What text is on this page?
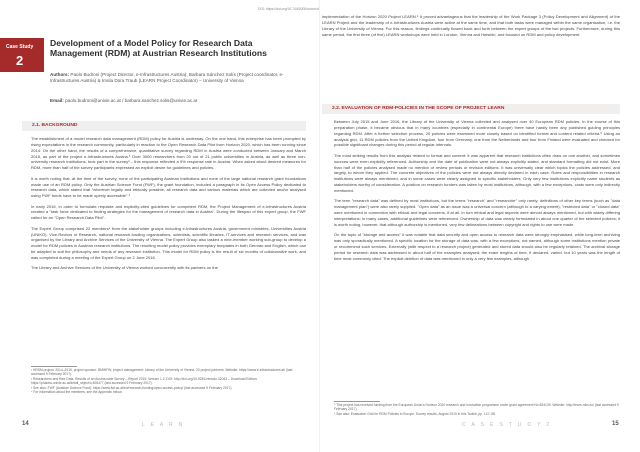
Case Study
2
Development of a Model Policy for Research Data Management (RDM) at Austrian Research Institutions
Authors: Paolo Budroni (Project Director, e-Infrastructures Austria), Barbara Sánchez Solís (Project coordinator, e-Infrastructures Austria) & Imola Dora Traub (LEARN Project Coordinator) – University of Vienna
Email: paolo.budroni@univie.ac.at / barbara.sanchez.solis@univie.ac.at
2.1. BACKGROUND

The establishment of a model research data management (RDM) policy for Austria is underway. On the one hand, this enterprise has been prompted by rising expectations in the research community, particularly in reaction to the Open Research Data Pilot from Horizon 2020, which has been running since 2014. On the other hand, the results of a comprehensive, quantitative survey regarding RDM in Austria were conducted between January and March 2015, as part of the project e-Infrastructures Austria.¹ Over 3000 researchers from 20 out of 21 public universities in Austria, as well as three non-university research institutions, took part in the survey² – this response reflected a 9% response rate in Austria. When asked about desired measures for RDM, more than half of the survey participants expressed an explicit desire for guidelines and policies.

It is worth noting that, at the time of the survey, none of the participating Austrian institutions and none of the large national research grant foundations made use of an RDM policy. Only the Austrian Science Fund (FWF), the grant foundation, included a paragraph in its Open Access Policy dedicated to research data, which stated that "wherever legally and ethically possible, all research data and various materials which are collected and/or analysed using FWF funds have to be made openly accessible".³

In early 2016, in order to formulate requisite and explicitly-cited guidelines for competent RDM, the Project Management of e-Infrastructures Austria created a "task force dedicated to finding strategies for the management of research data in Austria". During the lifespan of this expert group, the FWF called for an "Open Research Data Pilot".

The Expert Group comprised 22 members⁴ from the stakeholder groups including e-Infrastructures Austria, government ministries, Universities Austria (UNIKO), Vice-Rectors of Research, national research-funding organizations, scientists, scientific libraries, IT-services and research services, and was organised by the Library and Archive Services of the University of Vienna. The Expert Group also tasked a nine-member working sub-group to develop a model for RDM policies in Austrian research institutions. The resulting model policy provides exemplary templates in both German and English, which can be adapted to suit the philosophy and needs of any research institution. This model for RDM policy is the result of six months of collaborative work, and was completed during a meeting of the Expert Group on 2 June 2016.

The Library and Archive Services of the University of Vienna worked concurrently with its partners on the

¹ HRSM project, 2014–2019, project sponsor: BMWFW, project management: Library of the University of Vienna, 20 project partners. Website: https://www.e-infrastructures.at/ (last accessed 9 February 2017).
² Researchers and their Data. Results of an Austria-wide Survey – Report 2015. Version 1.2. DOI: http://doi.org/10.5281/zenodo.32043 – Download Edition: https://phaidra.univie.ac.at/detail_object/o:408477 (last accessed 9 February 2017).
³ See also: FWF (Austrian Science Fund): https://www.fwf.ac.at/en/research-funding/open-access-policy/ (last accessed 9 February 2017).
⁴ For information about the members, see the Appendix below.
14	L E A R N
DOI: https://doi.org/10.7440/000/unav/cd

implementation of the Horizon 2020 Project LEARN.⁵ It proved advantageous that the leadership of the Work Package 3 (Policy Development and Alignment) of the LEARN Project and the leadership of e-Infrastructures Austria were active at the same time, and that both tasks were managed within the same organisation, i.e. the Library of the University of Vienna. For this reason, findings continually flowed back and forth between the expert groups of the two projects. Furthermore, during this same period, the first three (of five) LEARN workshops were held in London, Vienna and Helsinki, and focused on RDM and policy development.

2.2. EVALUATION OF RDM-POLICIES IN THE SCOPE OF PROJECT LEARN

Between July 2015 and June 2016, the Library of the University of Vienna collected and analysed over 40 European RDM policies. In the course of this preparation phase, it became obvious that in many countries (especially in continental Europe) there have hardly been any published guiding principles regarding RDM. After a further selection process, 20 policies were examined more closely based on identified format and content related criteria.⁶ Using an analysis grid, 11 RDM policies from the United Kingdom, four from Germany, one from the Netherlands and four from Finland were evaluated and checked for possible significant changes during this period at regular intervals.

The most striking results from this analysis related to format and content: it was apparent that research institutions often draw on one another, and sometimes sources were even explicitly referenced. Authorship and the date of publication were not always explicitly stated, and standard formatting did not exist. More than half of the policies analysed made no mention of review periods or revision editions. It was universally clear which topics the policies addressed, and largely, to whom they applied. The concrete objectives of the policies were not always directly declared in each case. Roles and responsibilities in research institutions were always mentioned, and in some cases were clearly assigned to specific stakeholders. Only very few institutions explicitly name students as stakeholders worthy of consideration. A position on research funders was taken by most institutions, although, with a few exceptions, costs were only indirectly mentioned.

The term "research data" was defined by most institutions, but the terms "research" and "researcher" only rarely; definitions of other key terms (such as "data management plan") were also rarely supplied. "Open data" as an issue was a universal concern (although to a varying extent); "restricted data" or "closed data" were mentioned in connection with ethical and legal concerns, if at all. In turn ethical and legal aspects were almost always mentioned, but with widely differing interpretations; in many cases, additional guidelines were referenced. Ownership of data was clearly formulated in about one quarter of the selected policies; it is worth noting, however, that although authorship is mentioned, very few delineations between copyright and rights to use were made.

On the topic of "storage and access" it was notable that data security and open access to research data were strongly emphasised, while long-term archiving was only sporadically mentioned. A specific location for the storage of data was, with a few exceptions, not named, although some institutions mention private or recommend such services. Externally (with respect to a research project) generated and stored data should also be regularly retained. The archival storage period for research data was addressed in about half of the examples analysed; the exact lengths of time, if declared, varied, but 10 years was the length of time most commonly cited. The explicit deletion of data was mentioned in only a very few examples, although

⁵ This project has received funding from the European Union's Horizon 2020 research and innovation programme under grant agreement No 654139. Website: http://learn-rdm.eu/ (last accessed 9 February 2017).
⁶ See also: Evaluation Grid for RDM Policies in Europe. Survey results, August 2015 in this Toolkit, pp. 147–98.
C A S E S T U D Y 2	15
